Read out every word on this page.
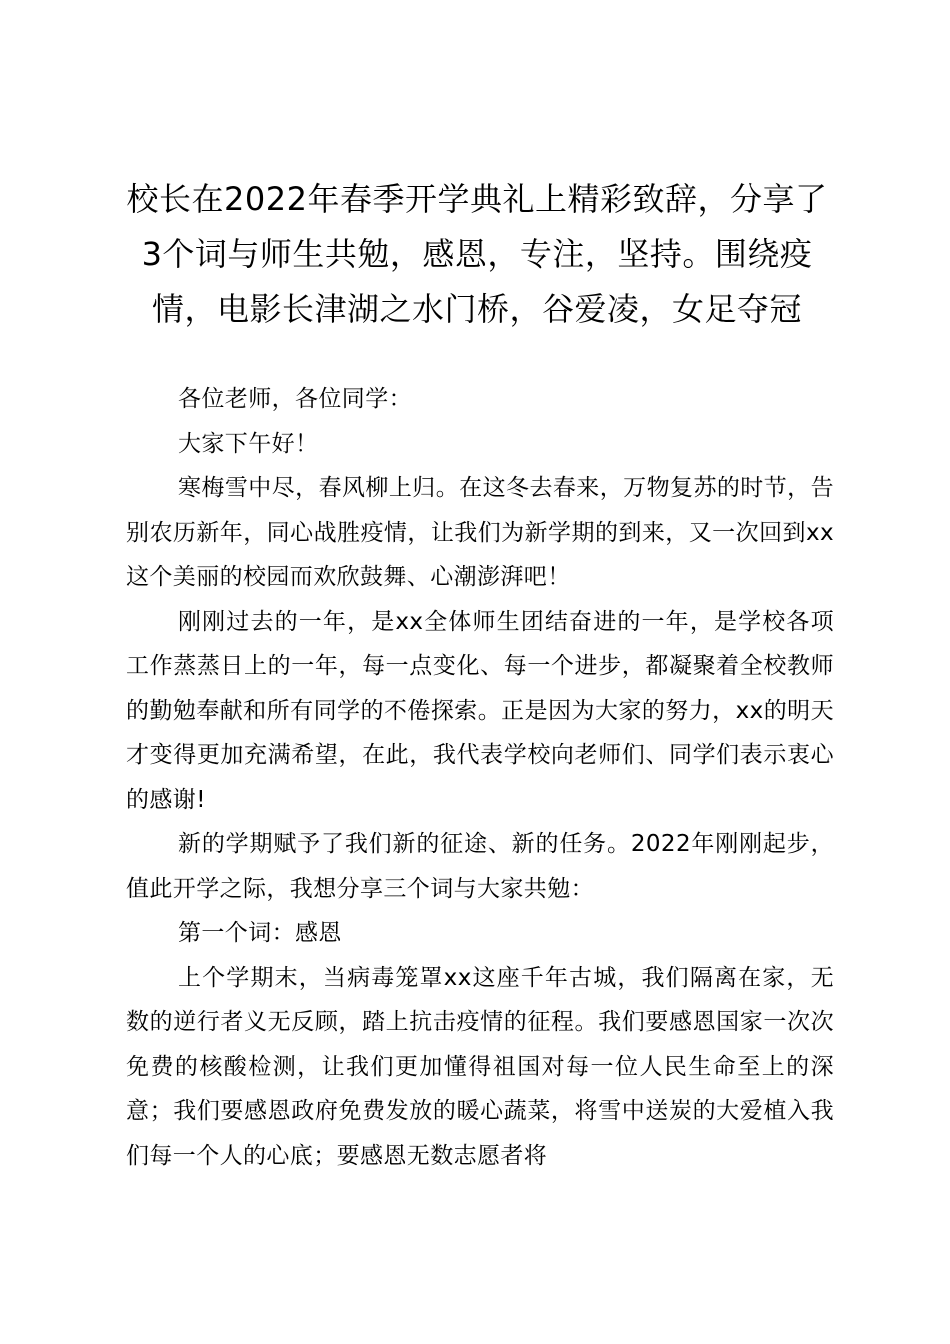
校长在2022年春季开学典礼上精彩致辞，分享了3个词与师生共勉，感恩，专注，坚持。围绕疫情，电影长津湖之水门桥，谷爱凌，女足夺冠

各位老师，各位同学：

大家下午好！

寒梅雪中尽，春风柳上归。在这冬去春来，万物复苏的时节，告别农历新年，同心战胜疫情，让我们为新学期的到来，又一次回到xx这个美丽的校园而欢欣鼓舞、心潮澎湃吧！

刚刚过去的一年，是xx全体师生团结奋进的一年，是学校各项工作蒸蒸日上的一年，每一点变化、每一个进步，都凝聚着全校教师的勤勉奉献和所有同学的不倦探索。正是因为大家的努力，xx的明天才变得更加充满希望，在此，我代表学校向老师们、同学们表示衷心的感谢!

新的学期赋予了我们新的征途、新的任务。2022年刚刚起步，值此开学之际，我想分享三个词与大家共勉：

第一个词：感恩

上个学期末，当病毒笼罩xx这座千年古城，我们隔离在家，无数的逆行者义无反顾，踏上抗击疫情的征程。我们要感恩国家一次次免费的核酸检测，让我们更加懂得祖国对每一位人民生命至上的深意；我们要感恩政府免费发放的暖心蔬菜，将雪中送炭的大爱植入我们每一个人的心底；要感恩无数志愿者将
